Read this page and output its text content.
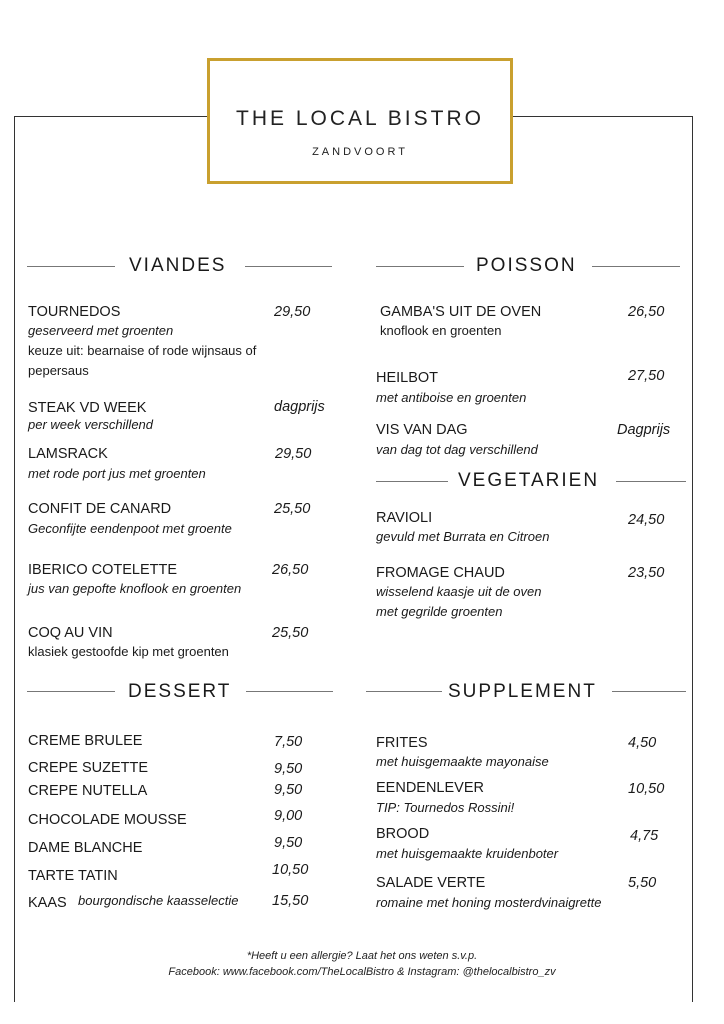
THE LOCAL BISTRO
ZANDVOORT
VIANDES
TOURNEDOS	29,50
geserveerd met groenten
keuze uit: bearnaise of rode wijnsaus of
pepersaus
STEAK VD WEEK	dagprijs
per week verschillend
LAMSRACK	29,50
met rode port jus met groenten
CONFIT DE CANARD	25,50
Geconfijte eendenpoot met groente
IBERICO COTELETTE	26,50
jus van gepofte knoflook en groenten
COQ AU VIN	25,50
klasiek gestoofde kip met groenten
POISSON
GAMBA'S UIT DE OVEN	26,50
knoflook en groenten
HEILBOT	27,50
met antiboise en groenten
VIS VAN DAG	Dagprijs
van dag tot dag verschillend
VEGETARIEN
RAVIOLI	24,50
gevuld met Burrata en Citroen
FROMAGE CHAUD	23,50
wisselend kaasje uit de oven
met gegrilde groenten
DESSERT
CREME BRULEE	7,50
CREPE SUZETTE	9,50
CREPE NUTELLA	9,50
CHOCOLADE MOUSSE	9,00
DAME BLANCHE	9,50
TARTE TATIN	10,50
KAAS bourgondische kaasselectie 15,50
SUPPLEMENT
FRITES	4,50
met huisgemaakte mayonaise
EENDENLEVER	10,50
TIP: Tournedos Rossini!
BROOD	4,75
met huisgemaakte kruidenboter
SALADE VERTE	5,50
romaine met honing mosterdvinaigrette
*Heeft u een allergie? Laat het ons weten s.v.p.
Facebook: www.facebook.com/TheLocalBistro & Instagram: @thelocalbistro_zv
